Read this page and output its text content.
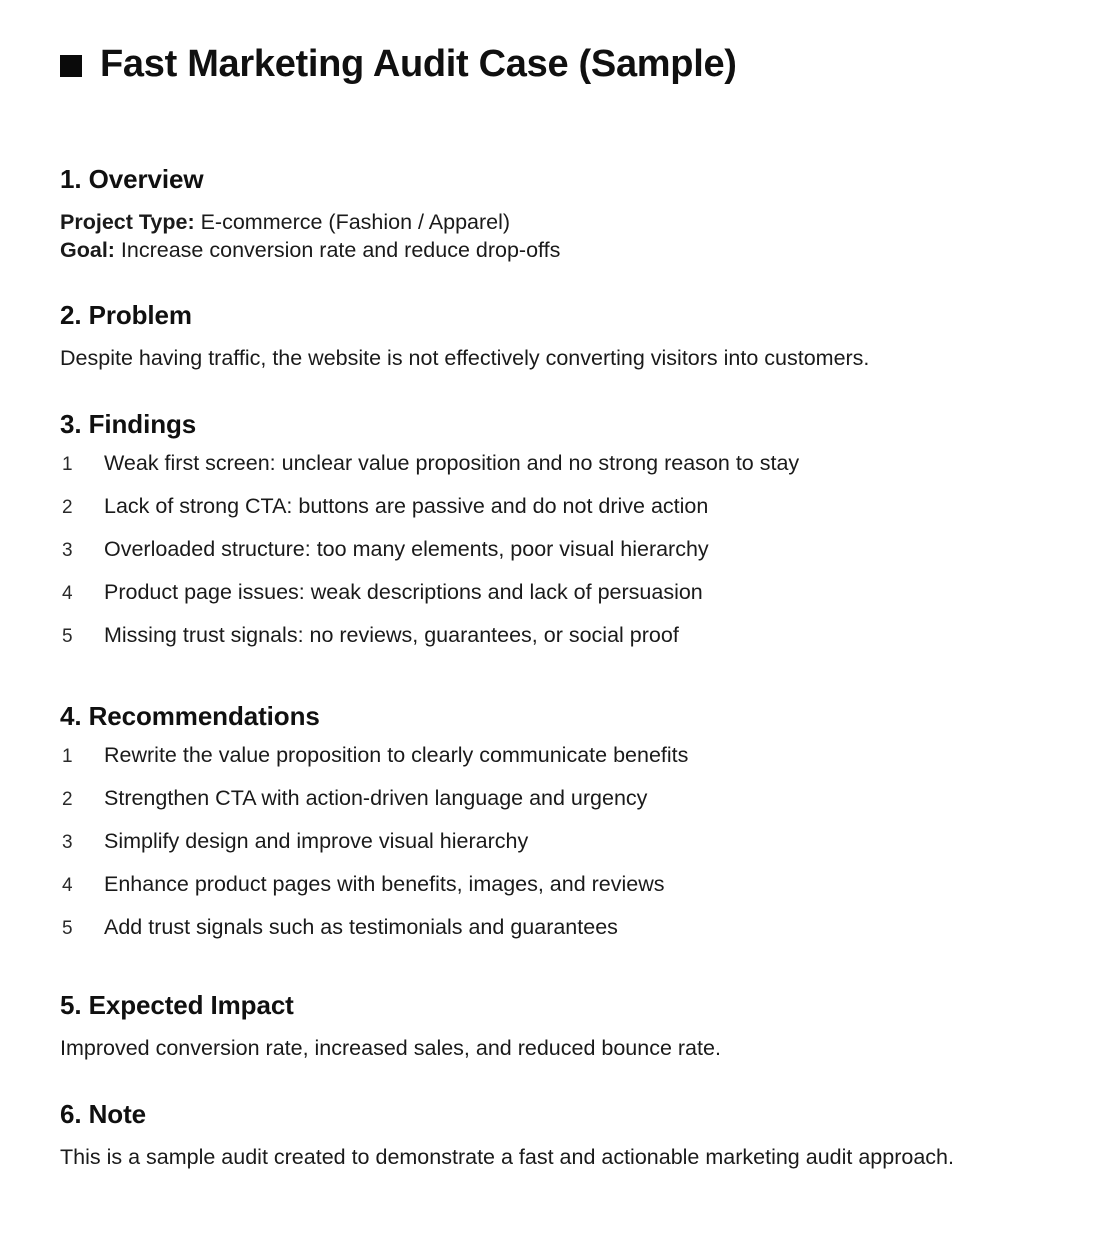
Fast Marketing Audit Case (Sample)
1. Overview

Project Type: E-commerce (Fashion / Apparel)
Goal: Increase conversion rate and reduce drop-offs

2. Problem

Despite having traffic, the website is not effectively converting visitors into customers.

3. Findings
1	Weak first screen: unclear value proposition and no strong reason to stay
2	Lack of strong CTA: buttons are passive and do not drive action
3	Overloaded structure: too many elements, poor visual hierarchy
4	Product page issues: weak descriptions and lack of persuasion
5	Missing trust signals: no reviews, guarantees, or social proof
4. Recommendations
1	Rewrite the value proposition to clearly communicate benefits
2	Strengthen CTA with action-driven language and urgency
3	Simplify design and improve visual hierarchy
4	Enhance product pages with benefits, images, and reviews
5	Add trust signals such as testimonials and guarantees
5. Expected Impact

Improved conversion rate, increased sales, and reduced bounce rate.

6. Note

This is a sample audit created to demonstrate a fast and actionable marketing audit approach.
